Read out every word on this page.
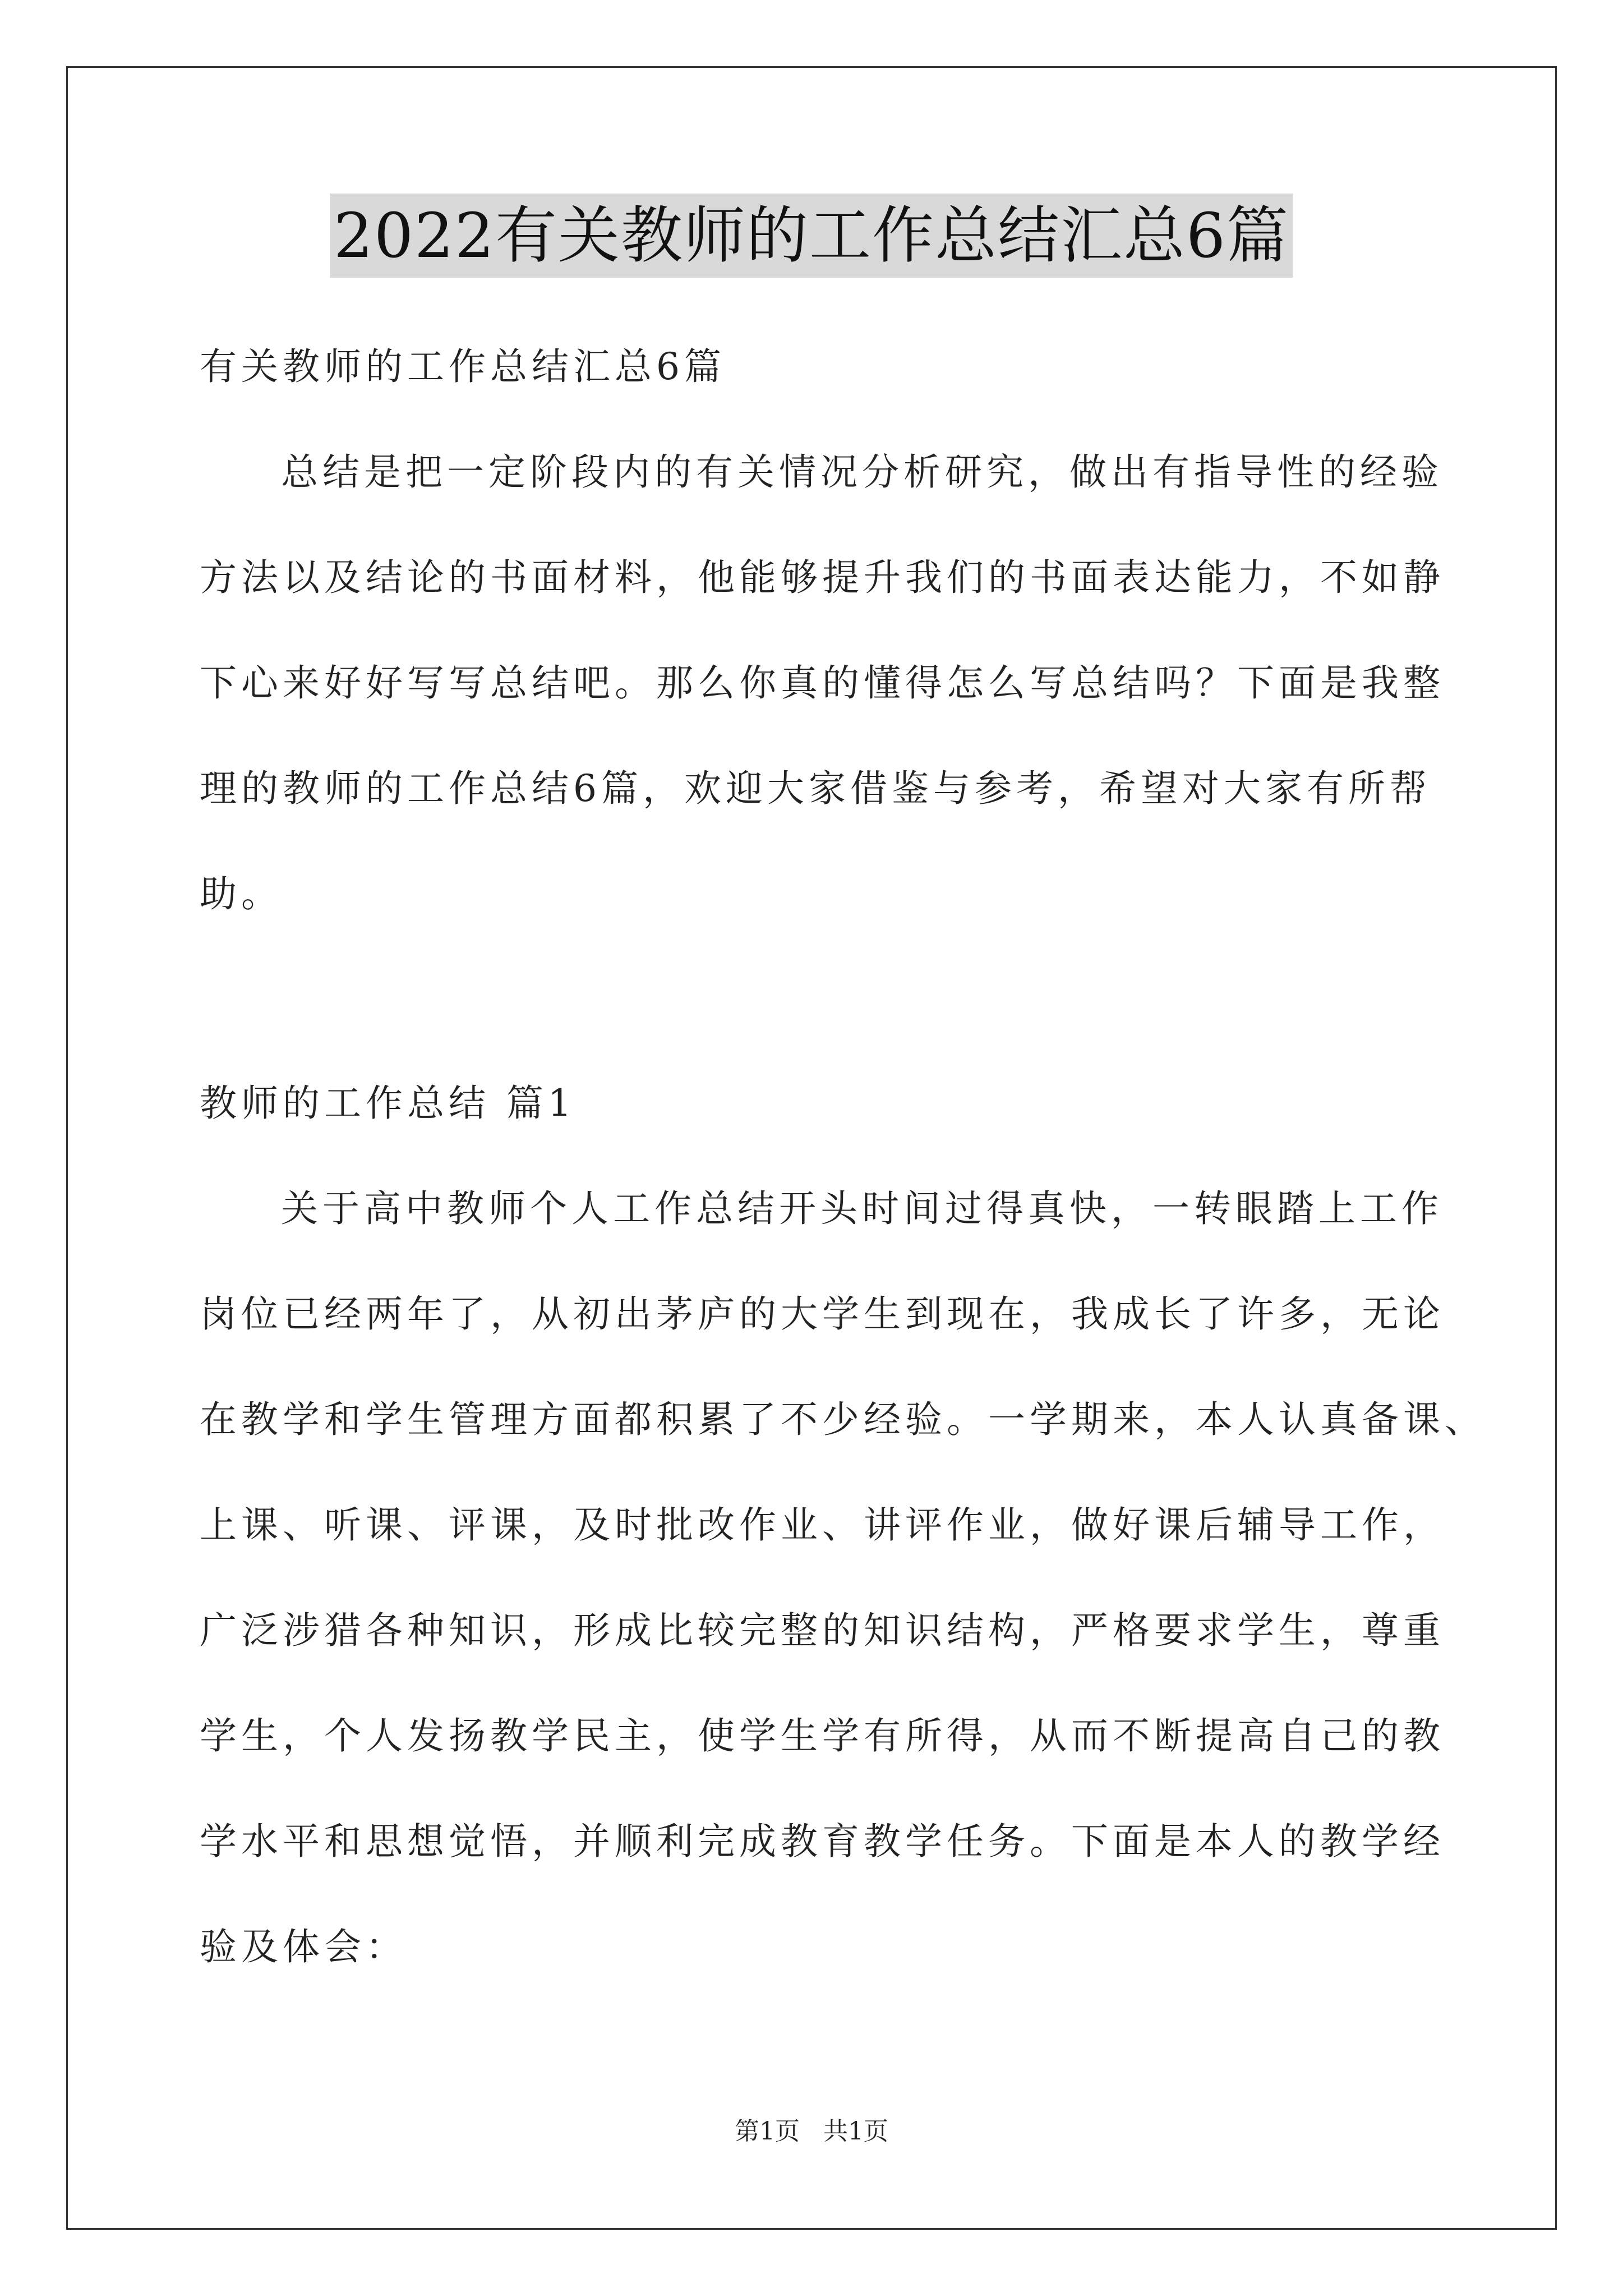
2022有关教师的工作总结汇总6篇
有关教师的工作总结汇总6篇
总结是把一定阶段内的有关情况分析研究，做出有指导性的经验
方法以及结论的书面材料，他能够提升我们的书面表达能力，不如静
下心来好好写写总结吧。那么你真的懂得怎么写总结吗？下面是我整
理的教师的工作总结6篇，欢迎大家借鉴与参考，希望对大家有所帮
助。
教师的工作总结 篇1
关于高中教师个人工作总结开头时间过得真快，一转眼踏上工作
岗位已经两年了，从初出茅庐的大学生到现在，我成长了许多，无论
在教学和学生管理方面都积累了不少经验。一学期来，本人认真备课、
上课、听课、评课，及时批改作业、讲评作业，做好课后辅导工作，
广泛涉猎各种知识，形成比较完整的知识结构，严格要求学生，尊重
学生，个人发扬教学民主，使学生学有所得，从而不断提高自己的教
学水平和思想觉悟，并顺利完成教育教学任务。下面是本人的教学经
验及体会：
第1页   共1页
